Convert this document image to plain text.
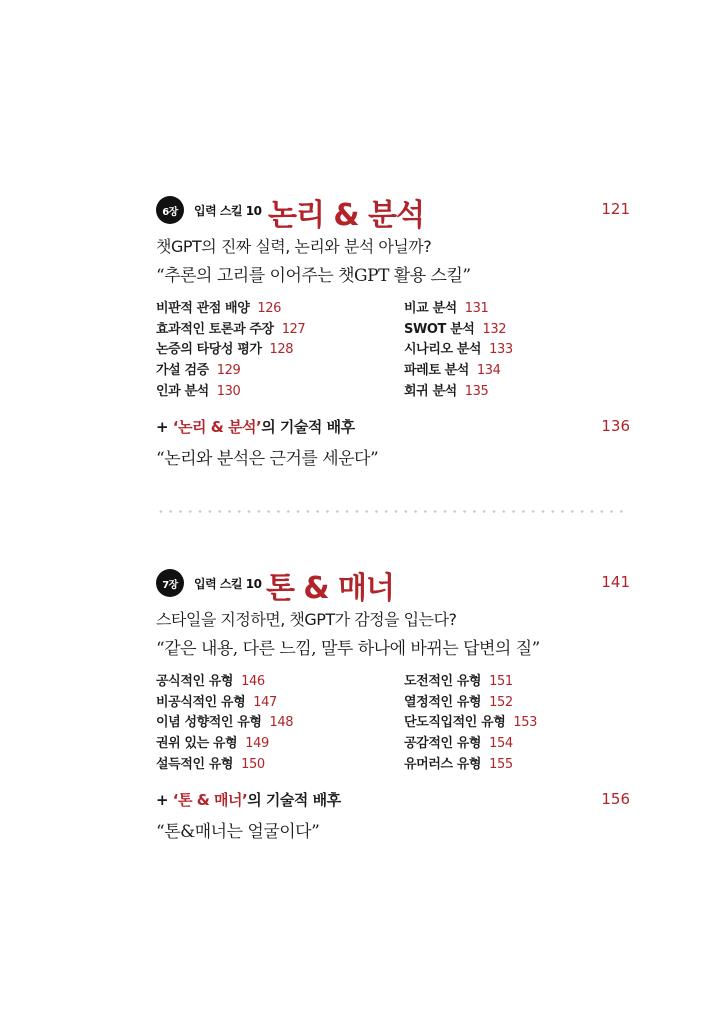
6장	입력 스킬 10 논리 & 분석	121
챗GPT의 진짜 실력, 논리와 분석 아닐까?
“추론의 고리를 이어주는 챗GPT 활용 스킬”
비판적 관점 배양 126	비교 분석 131
효과적인 토론과 주장 127	SWOT 분석 132
논증의 타당성 평가 128	시나리오 분석 133
가설 검증 129	파레토 분석 134
인과 분석 130	회귀 분석 135
+ ‘논리 & 분석’의 기술적 배후	136
“논리와 분석은 근거를 세운다”
7장	입력 스킬 10 톤 & 매너	141
스타일을 지정하면, 챗GPT가 감정을 입는다?
“같은 내용, 다른 느낌, 말투 하나에 바뀌는 답변의 질”
공식적인 유형 146	도전적인 유형 151
비공식적인 유형 147	열정적인 유형 152
이념 성향적인 유형 148	단도직입적인 유형 153
권위 있는 유형 149	공감적인 유형 154
설득적인 유형 150	유머러스 유형 155
+ ‘톤 & 매너’의 기술적 배후	156
“톤&매너는 얼굴이다”
